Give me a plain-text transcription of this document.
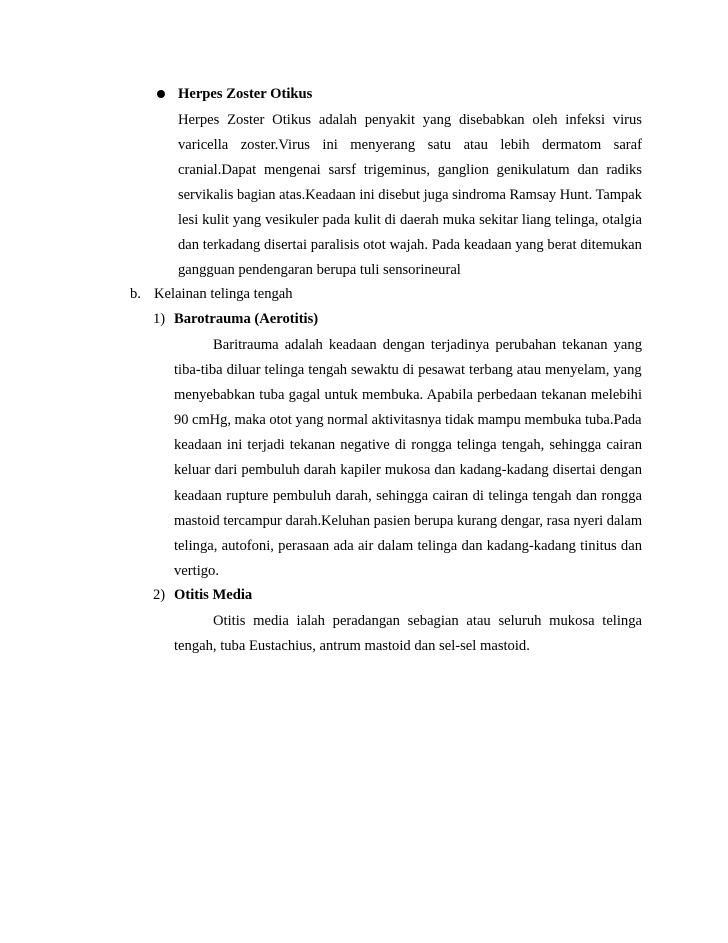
Herpes Zoster Otikus
Herpes Zoster Otikus adalah penyakit yang disebabkan oleh infeksi virus
varicella zoster.Virus ini menyerang satu atau lebih dermatom saraf
cranial.Dapat mengenai sarsf trigeminus, ganglion genikulatum dan radiks
servikalis bagian atas.Keadaan ini disebut juga sindroma Ramsay Hunt. Tampak
lesi kulit yang vesikuler pada kulit di daerah muka sekitar liang telinga, otalgia
dan terkadang disertai paralisis otot wajah. Pada keadaan yang berat ditemukan
gangguan pendengaran berupa tuli sensorineural
b. Kelainan telinga tengah
1) Barotrauma (Aerotitis)
Baritrauma adalah keadaan dengan terjadinya perubahan tekanan yang
tiba-tiba diluar telinga tengah sewaktu di pesawat terbang atau menyelam, yang
menyebabkan tuba gagal untuk membuka. Apabila perbedaan tekanan melebihi
90 cmHg, maka otot yang normal aktivitasnya tidak mampu membuka tuba.Pada
keadaan ini terjadi tekanan negative di rongga telinga tengah, sehingga cairan
keluar dari pembuluh darah kapiler mukosa dan kadang-kadang disertai dengan
keadaan rupture pembuluh darah, sehingga cairan di telinga tengah dan rongga
mastoid tercampur darah.Keluhan pasien berupa kurang dengar, rasa nyeri dalam
telinga, autofoni, perasaan ada air dalam telinga dan kadang-kadang tinitus dan
vertigo.
2) Otitis Media
Otitis media ialah peradangan sebagian atau seluruh mukosa telinga
tengah, tuba Eustachius, antrum mastoid dan sel-sel mastoid.
